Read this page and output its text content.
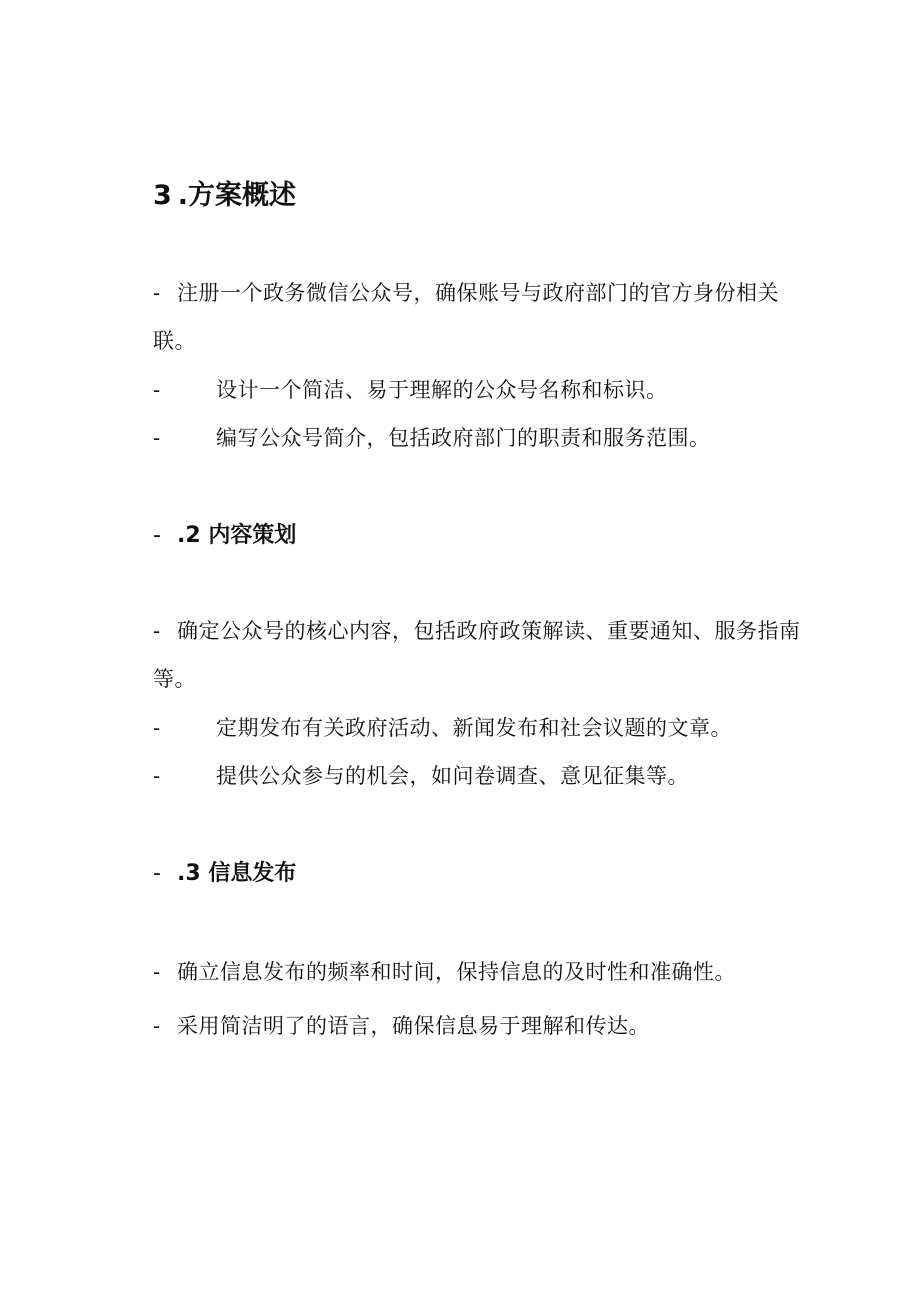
3 .方案概述
- 注册一个政务微信公众号，确保账号与政府部门的官方身份相关联。
-	设计一个简洁、易于理解的公众号名称和标识。
-	编写公众号简介，包括政府部门的职责和服务范围。
- .2 内容策划
- 确定公众号的核心内容，包括政府政策解读、重要通知、服务指南等。
-	定期发布有关政府活动、新闻发布和社会议题的文章。
-	提供公众参与的机会，如问卷调查、意见征集等。
- .3 信息发布
- 确立信息发布的频率和时间，保持信息的及时性和准确性。
- 采用简洁明了的语言，确保信息易于理解和传达。
